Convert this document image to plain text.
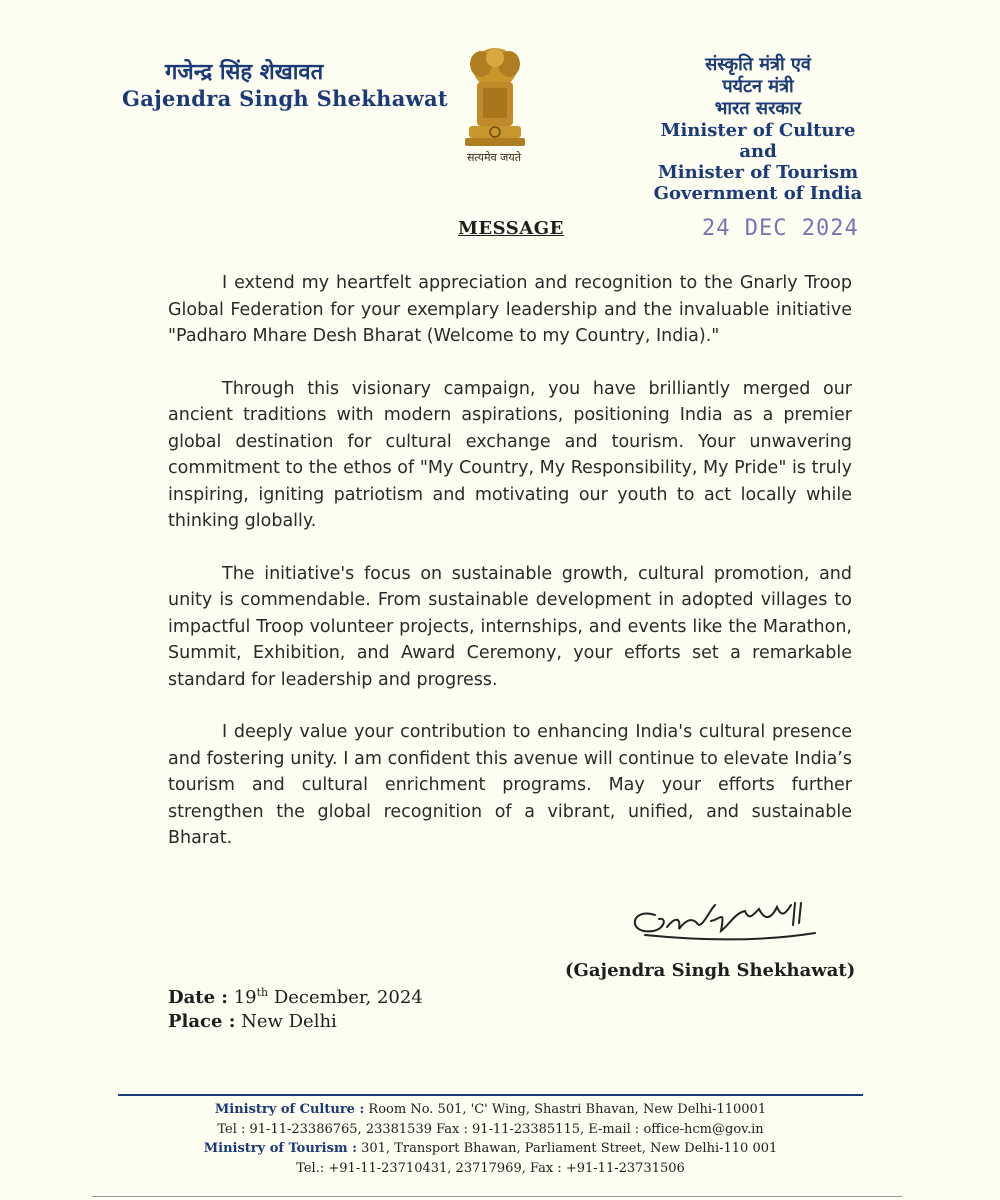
गजेन्द्र सिंह शेखावत
Gajendra Singh Shekhawat
सत्यमेव जयते
संस्कृति मंत्री एवं
पर्यटन मंत्री
भारत सरकार
Minister of Culture and
Minister of Tourism
Government of India
MESSAGE	24 DEC 2024

I extend my heartfelt appreciation and recognition to the Gnarly Troop Global Federation for your exemplary leadership and the invaluable initiative "Padharo Mhare Desh Bharat (Welcome to my Country, India)."

Through this visionary campaign, you have brilliantly merged our ancient traditions with modern aspirations, positioning India as a premier global destination for cultural exchange and tourism. Your unwavering commitment to the ethos of "My Country, My Responsibility, My Pride" is truly inspiring, igniting patriotism and motivating our youth to act locally while thinking globally.

The initiative's focus on sustainable growth, cultural promotion, and unity is commendable. From sustainable development in adopted villages to impactful Troop volunteer projects, internships, and events like the Marathon, Summit, Exhibition, and Award Ceremony, your efforts set a remarkable standard for leadership and progress.

I deeply value your contribution to enhancing India's cultural presence and fostering unity. I am confident this avenue will continue to elevate India’s tourism and cultural enrichment programs. May your efforts further strengthen the global recognition of a vibrant, unified, and sustainable Bharat.

(Gajendra Singh Shekhawat)
Date : 19th December, 2024
Place : New Delhi
Ministry of Culture : Room No. 501, 'C' Wing, Shastri Bhavan, New Delhi-110001
Tel : 91-11-23386765, 23381539 Fax : 91-11-23385115, E-mail : office-hcm@gov.in
Ministry of Tourism : 301, Transport Bhawan, Parliament Street, New Delhi-110 001
Tel.: +91-11-23710431, 23717969, Fax : +91-11-23731506
